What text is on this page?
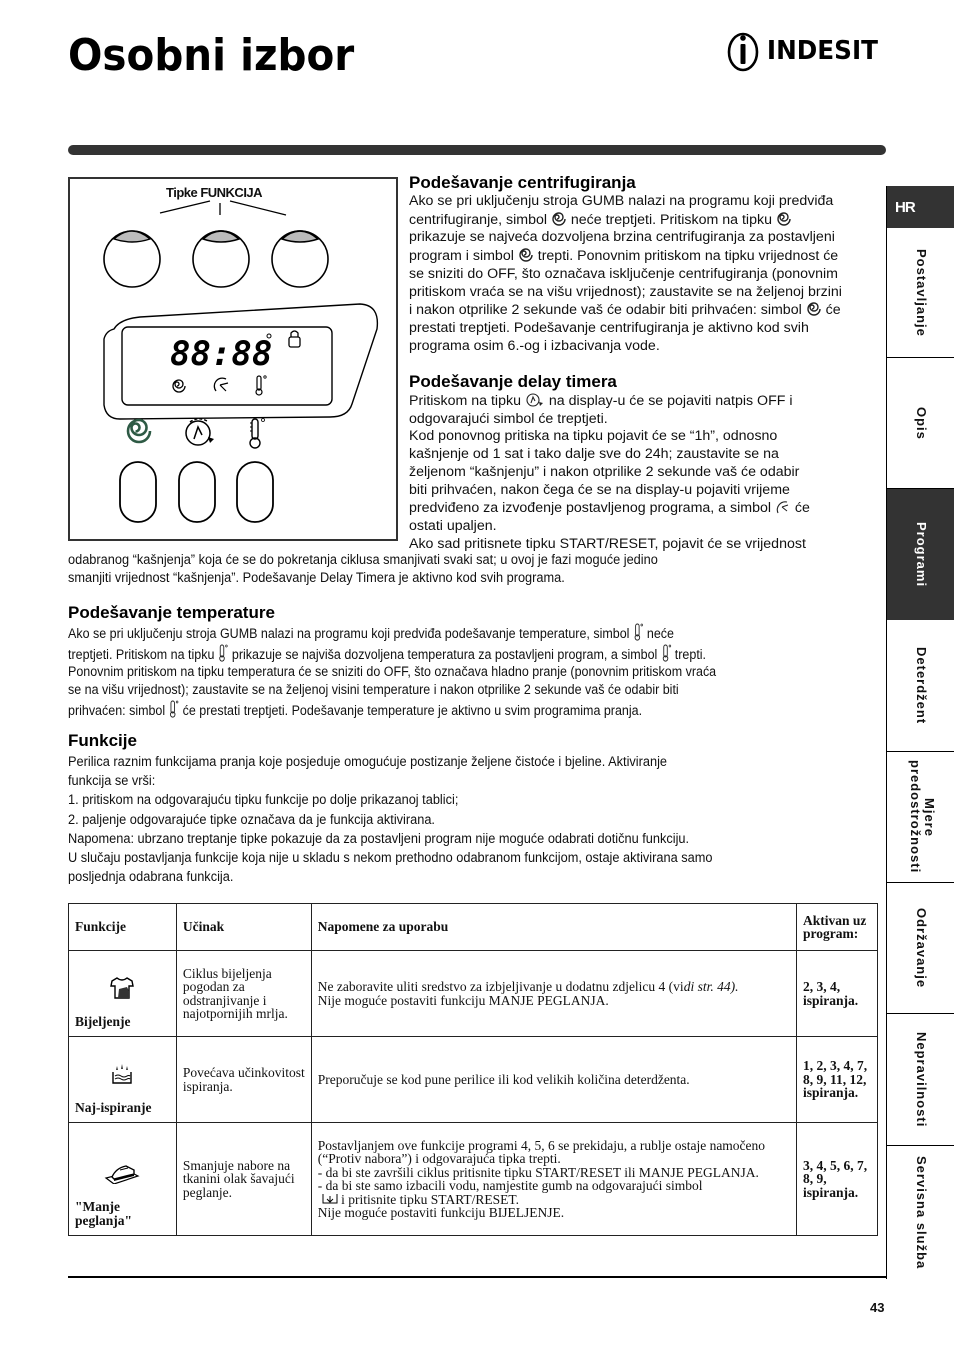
Osobni izbor	INDESIT
HR
Postavljanje
Opis
Programi
Deterdžent
Mjere predostrožnosti
Održavanje
Nepravilnosti
Servisna služba
Tipke FUNKCIJA
88:88
Podešavanje centrifugiranja
Ako se pri uključenju stroja GUMB nalazi na programu koji predviđa
centrifugiranje, simbol  neće treptjeti. Pritiskom na tipku
prikazuje se najveća dozvoljena brzina centrifugiranja za postavljeni
program i simbol  trepti. Ponovnim pritiskom na tipku vrijednost će
se sniziti do OFF, što označava isključenje centrifugiranja (ponovnim
pritiskom vraća se na višu vrijednost); zaustavite se na željenoj brzini
i nakon otprilike 2 sekunde vaš će odabir biti prihvaćen: simbol  će
prestati treptjeti. Podešavanje centrifugiranja je aktivno kod svih
programa osim 6.-og i izbacivanja vode.
Podešavanje delay timera
Pritiskom na tipku  na display-u će se pojaviti natpis OFF i
odgovarajući simbol će treptjeti.
Kod ponovnog pritiska na tipku pojavit će se “1h”, odnosno
kašnjenje od 1 sat i tako dalje sve do 24h; zaustavite se na
željenom “kašnjenju” i nakon otprilike 2 sekunde vaš će odabir
biti prihvaćen, nakon čega će se na display-u pojaviti vrijeme
predviđeno za izvođenje postavljenog programa, a simbol  će
ostati upaljen.
Ako sad pritisnete tipku START/RESET, pojavit će se vrijednost
odabranog “kašnjenja” koja će se do pokretanja ciklusa smanjivati svaki sat; u ovoj je fazi moguće jedino
smanjiti vrijednost “kašnjenja”. Podešavanje Delay Timera je aktivno kod svih programa.
Podešavanje temperature
Ako se pri uključenju stroja GUMB nalazi na programu koji predviđa podešavanje temperature, simbol  neće
treptjeti. Pritiskom na tipku  prikazuje se najviša dozvoljena temperatura za postavljeni program, a simbol  trepti.
Ponovnim pritiskom na tipku temperatura će se sniziti do OFF, što označava hladno pranje (ponovnim pritiskom vraća
se na višu vrijednost); zaustavite se na željenoj visini temperature i nakon otprilike 2 sekunde vaš će odabir biti
prihvaćen: simbol  će prestati treptjeti. Podešavanje temperature je aktivno u svim programima pranja.
Funkcije
Perilica raznim funkcijama pranja koje posjeduje omogućuje postizanje željene čistoće i bjeline. Aktiviranje
funkcija se vrši:
1. pritiskom na odgovarajuću tipku funkcije po dolje prikazanoj tablici;
2. paljenje odgovarajuće tipke označava da je funkcija aktivirana.
Napomena: ubrzano treptanje tipke pokazuje da za postavljeni program nije moguće odabrati dotičnu funkciju.
U slučaju postavljanja funkcije koja nije u skladu s nekom prethodno odabranom funkcijom, ostaje aktivirana samo
posljednja odabrana funkcija.
Funkcije	Učinak	Napomene za uporabu	Aktivan uz program:

Bijeljenje	Ciklus bijeljenja pogodan za odstranjivanje i najotpornijih mrlja.	Ne zaboravite uliti sredstvo za izbjeljivanje u dodatnu zdjelicu 4 (vidi str. 44).
Nije moguće postaviti funkciju MANJE PEGLANJA.	2, 3, 4, ispiranja.

Naj-ispiranje	Povećava učinkovitost ispiranja.	Preporučuje se kod pune perilice ili kod velikih količina deterdženta.	1, 2, 3, 4, 7, 8, 9, 11, 12, ispiranja.

"Manje peglanja"	Smanjuje nabore na tkanini olak šavajući peglanje.	Postavljanjem ove funkcije programi 4, 5, 6 se prekidaju, a rublje ostaje namočeno (“Protiv nabora”) i odgovarajuća tipka trepti.
- da bi ste završili ciklus pritisnite tipku START/RESET ili MANJE PEGLANJA.
- da bi ste samo izbacili vodu, namjestite gumb na odgovarajući simbol
i pritisnite tipku START/RESET.
Nije moguće postaviti funkciju BIJELJENJE.	3, 4, 5, 6, 7, 8, 9, ispiranja.
43
